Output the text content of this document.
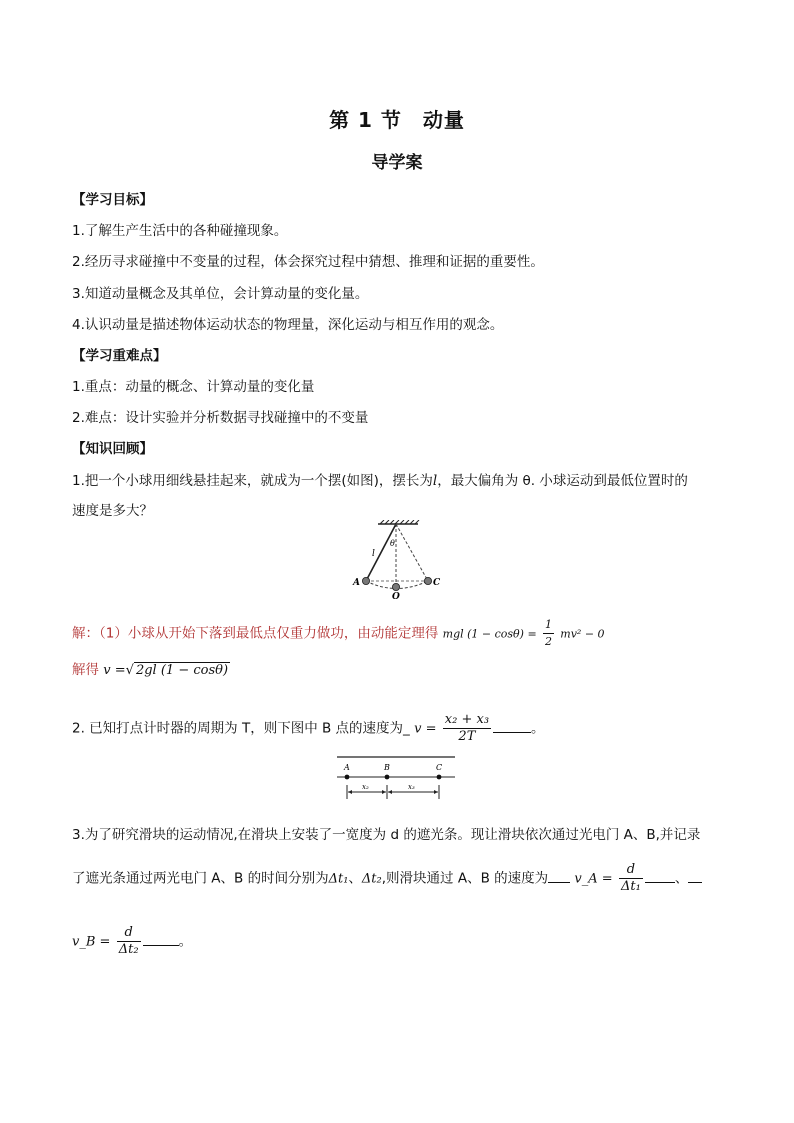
第 1 节　动量
导学案
【学习目标】
1.了解生产生活中的各种碰撞现象。
2.经历寻求碰撞中不变量的过程，体会探究过程中猜想、推理和证据的重要性。
3.知道动量概念及其单位，会计算动量的变化量。
4.认识动量是描述物体运动状态的物理量，深化运动与相互作用的观念。
【学习重难点】
1.重点：动量的概念、计算动量的变化量
2.难点：设计实验并分析数据寻找碰撞中的不变量
【知识回顾】
1.把一个小球用细线悬挂起来，就成为一个摆(如图)，摆长为l，最大偏角为 θ. 小球运动到最低位置时的
速度是多大？
l
θ
A	C
O
解：（1）小球从开始下落到最低点仅重力做功，由动能定理得 mgl $(1 - \cos\theta) = \frac{1}{2} mv^2 - 0$
解得 v =√ 2gl (1 − cosθ)
2. 已知打点计时器的周期为 T，则下图中 B 点的速度为_ $v = \frac{\text{x₂ + x₃}}{2T}$	。
A	B	C
x₂	x₃
3.为了研究滑块的运动情况,在滑块上安装了一宽度为 d 的遮光条。现让滑块依次通过光电门 A、B,并记录
了遮光条通过两光电门 A、B 的时间分别为Δt₁、Δt₂,则滑块通过 A、B 的速度为 v_A = $\frac{d}{\text{Δt₁}}$ 、
v_B = $\frac{d}{\text{Δt₂}}$	。
